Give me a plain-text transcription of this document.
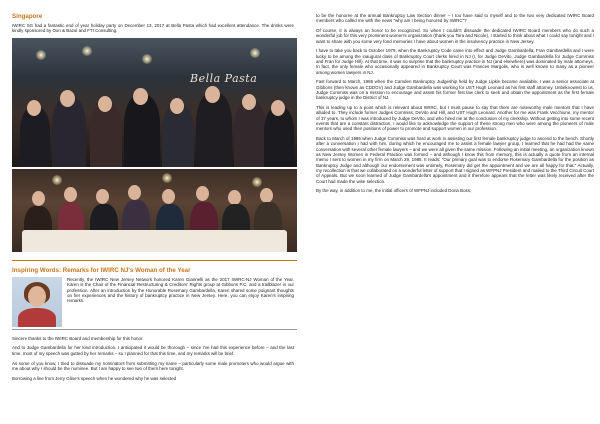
Singapore

IWIRC SG had a fantastic end of year holiday party on December 13, 2017 at Bella Pasta which had excellent attendance. The drinks were kindly sponsored by Oon & Bazul and FTI Consulting.

Bella Pasta
Inspiring Words: Remarks for IWIRC NJ's Woman of the Year

Recently, the IWIRC New Jersey Network honored Karen Giannelli as the 2017 IWIRC-NJ Woman of the Year. Karen is the Chair of the Financial Restructuring & Creditors' Rights group at Gibbons P.C. and a trailblazer in our profession. After an introduction by the Honorable Rosemary Gambardella, Karen shared some poignant thoughts on her experiences and the history of bankruptcy practice in New Jersey. Here, you can enjoy Karen's inspiring remarks.

Sincere thanks to the IWIRC Board and membership for this honor.

And to Judge Gambardella for her kind introduction. I anticipated it would be thorough – since I've had this experience before – and the last time, most of my speech was gutted by her remarks – so I planned for that this time, and my remarks will be brief.

As some of you know, I tried to dissuade my nominators from submitting my name – particularly some male promoters who would argue with me about why I should be the nominee. But I am happy to see two of them here tonight.

Borrowing a line from Jerry Gline's speech when he wondered why he was selected

to be the honoree at the annual Bankruptcy Law Section dinner – I too have said to myself and to the two very dedicated IWIRC Board members who called me with the news "why am I being honored by IWIRC"?

Of course, it is always an honor to be recognized. So when I couldn't dissuade the dedicated IWIRC Board members who do such a wonderful job for this very prominent women's organization (thank you Tara and Nicole), I started to think about what I could say tonight and I want to share with you some very fond memories I have about women in the insolvency practice in New Jersey.

I have to take you back to October 1979, when the Bankruptcy Code came into effect and Judge Gambardella, Fran Gambardella and I were lucky to be among the inaugural class of Bankruptcy Court clerks hired in NJ (I, for Judge DeVito, Judge Gambardella for Judge Commiss and Fran for Judge Hill). At that time, it was no surprise that the bankruptcy practice in NJ (and elsewhere) was dominated by male attorneys. In fact, the only female who occasionally appeared in Bankruptcy Court was Frances Margolis, who is well known to many as a pioneer among women lawyers in NJ.

Fast forward to March, 1985 when the Camden Bankruptcy Judgeship held by Judge Lipkin became available. I was a senior associate at Gibbons (then known as CDDGV) and Judge Gambardella was working for UST Hugh Leonard as his first staff attorney. Unbeknownst to us, Judge Commiss was on a mission to encourage and assist his former first law clerk to seek and obtain the appointment as the first female bankruptcy judge in the District of NJ.

This is leading up to a point which is relevant about IWIRC, but I must pause to say that there are noteworthy male mentors that I have alluded to. They include former Judges Commiss, DeVito and Hill, and UST Hugh Leonard. Another for me was Frank Vecchione, my mentor of 37 years, to whom I was introduced by Judge DeVito, and who hired me at the conclusion of my clerkship. Without getting into some recent events that are a constant distraction, I would like to acknowledge the support of these strong men who were among the pioneers of male mentors who used their positions of power to promote and support women in our profession.

Back to March of 1985 when Judge Commiss was hard at work in assisting our first female bankruptcy judge to ascend to the bench. Shortly after a conversation I had with him, during which he encouraged me to assist a female lawyer group, I learned that he had had the same conversation with several other female lawyers – and we were all given the same mission. Following an initial meeting, an organization known as New Jersey Women in Federal Practice was formed – and although I know this from memory, this is actually a quote from an internal memo I sent to women in my firm on March 29, 1985. It reads: "Our primary goal was to endorse Rosemary Gambardella for the position as Bankruptcy Judge and although our endorsement was untimely, Rosemary did get the appointment and we are all happy for that." Actually, my recollection is that we collaborated on a wonderful letter of support that I signed as WFPNJ President and mailed to the Third Circuit Court of Appeals. But we soon learned of Judge Gambardella's appointment and it therefore appears that the letter was likely received after the Court had made the wise selection.

By the way, in addition to me, the initial officers of WFPNJ included Dona Boss,
